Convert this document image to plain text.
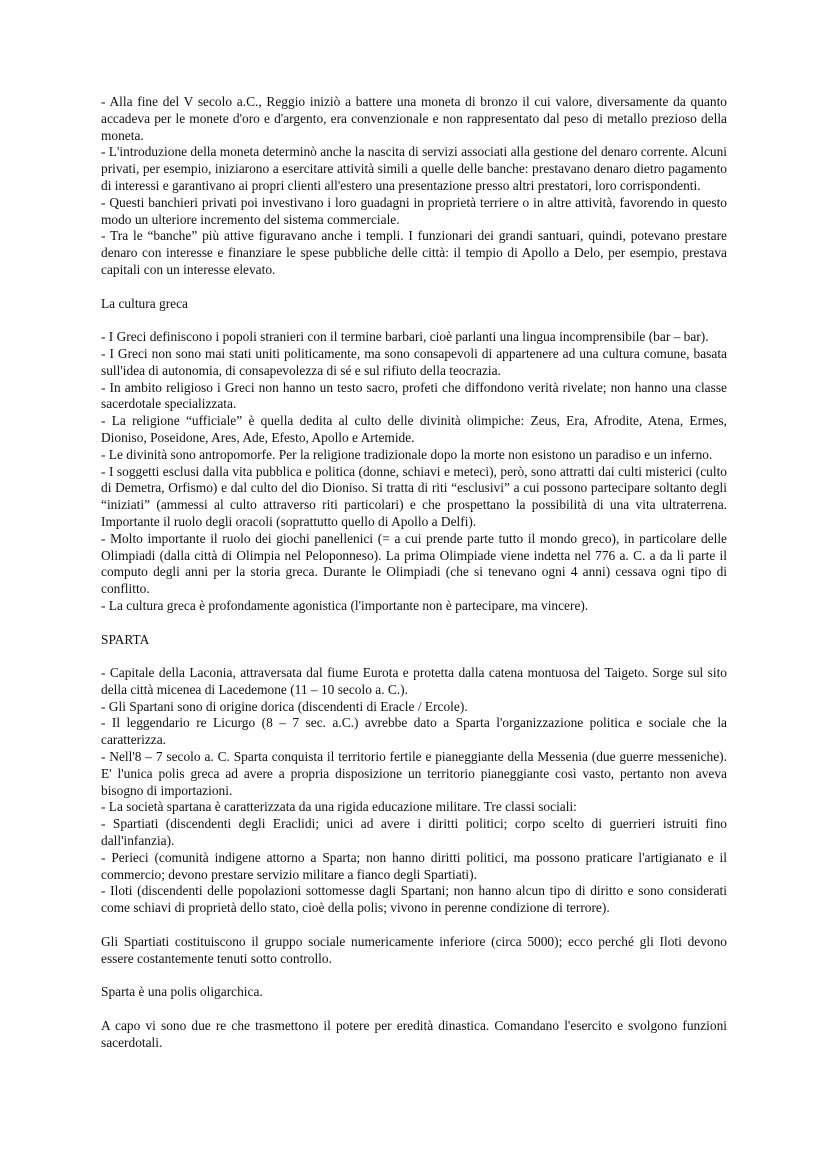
- Alla fine del V secolo a.C., Reggio iniziò a battere una moneta di bronzo il cui valore, diversamente da quanto accadeva per le monete d'oro e d'argento, era convenzionale e non rappresentato dal peso di metallo prezioso della moneta.

- L'introduzione della moneta determinò anche la nascita di servizi associati alla gestione del denaro corrente. Alcuni privati, per esempio, iniziarono a esercitare attività simili a quelle delle banche: prestavano denaro dietro pagamento di interessi e garantivano ai propri clienti all'estero una presentazione presso altri prestatori, loro corrispondenti.

- Questi banchieri privati poi investivano i loro guadagni in proprietà terriere o in altre attività, favorendo in questo modo un ulteriore incremento del sistema commerciale.

- Tra le “banche” più attive figuravano anche i templi. I funzionari dei grandi santuari, quindi, potevano prestare denaro con interesse e finanziare le spese pubbliche delle città: il tempio di Apollo a Delo, per esempio, prestava capitali con un interesse elevato.

La cultura greca

- I Greci definiscono i popoli stranieri con il termine barbari, cioè parlanti una lingua incomprensibile (bar – bar).

- I Greci non sono mai stati uniti politicamente, ma sono consapevoli di appartenere ad una cultura comune, basata sull'idea di autonomia, di consapevolezza di sé e sul rifiuto della teocrazia.

- In ambito religioso i Greci non hanno un testo sacro, profeti che diffondono verità rivelate; non hanno una classe sacerdotale specializzata.

- La religione “ufficiale” è quella dedita al culto delle divinità olimpiche: Zeus, Era, Afrodite, Atena, Ermes, Dioniso, Poseidone, Ares, Ade, Efesto, Apollo e Artemide.

- Le divinità sono antropomorfe. Per la religione tradizionale dopo la morte non esistono un paradiso e un inferno.

- I soggetti esclusi dalla vita pubblica e politica (donne, schiavi e meteci), però, sono attratti dai culti misterici (culto di Demetra, Orfismo) e dal culto del dio Dioniso. Si tratta di riti “esclusivi” a cui possono partecipare soltanto degli “iniziati” (ammessi al culto attraverso riti particolari) e che prospettano la possibilità di una vita ultraterrena. Importante il ruolo degli oracoli (soprattutto quello di Apollo a Delfi).

- Molto importante il ruolo dei giochi panellenici (= a cui prende parte tutto il mondo greco), in particolare delle Olimpiadi (dalla città di Olimpia nel Peloponneso). La prima Olimpiade viene indetta nel 776 a. C. a da lì parte il computo degli anni per la storia greca. Durante le Olimpiadi (che si tenevano ogni 4 anni) cessava ogni tipo di conflitto.

- La cultura greca è profondamente agonistica (l'importante non è partecipare, ma vincere).

SPARTA

- Capitale della Laconia, attraversata dal fiume Eurota e protetta dalla catena montuosa del Taigeto. Sorge sul sito della città micenea di Lacedemone (11 – 10 secolo a. C.).

- Gli Spartani sono di origine dorica (discendenti di Eracle / Ercole).

- Il leggendario re Licurgo (8 – 7 sec. a.C.) avrebbe dato a Sparta l'organizzazione politica e sociale che la caratterizza.

- Nell'8 – 7 secolo a. C. Sparta conquista il territorio fertile e pianeggiante della Messenia (due guerre messeniche). E' l'unica polis greca ad avere a propria disposizione un territorio pianeggiante così vasto, pertanto non aveva bisogno di importazioni.

- La società spartana è caratterizzata da una rigida educazione militare. Tre classi sociali:

- Spartiati (discendenti degli Eraclidi; unici ad avere i diritti politici; corpo scelto di guerrieri istruiti fino dall'infanzia).

- Perieci (comunità indigene attorno a Sparta; non hanno diritti politici, ma possono praticare l'artigianato e il commercio; devono prestare servizio militare a fianco degli Spartiati).

- Iloti (discendenti delle popolazioni sottomesse dagli Spartani; non hanno alcun tipo di diritto e sono considerati come schiavi di proprietà dello stato, cioè della polis; vivono in perenne condizione di terrore).

Gli Spartiati costituiscono il gruppo sociale numericamente inferiore (circa 5000); ecco perché gli Iloti devono essere costantemente tenuti sotto controllo.

Sparta è una polis oligarchica.

A capo vi sono due re che trasmettono il potere per eredità dinastica. Comandano l'esercito e svolgono funzioni sacerdotali.
